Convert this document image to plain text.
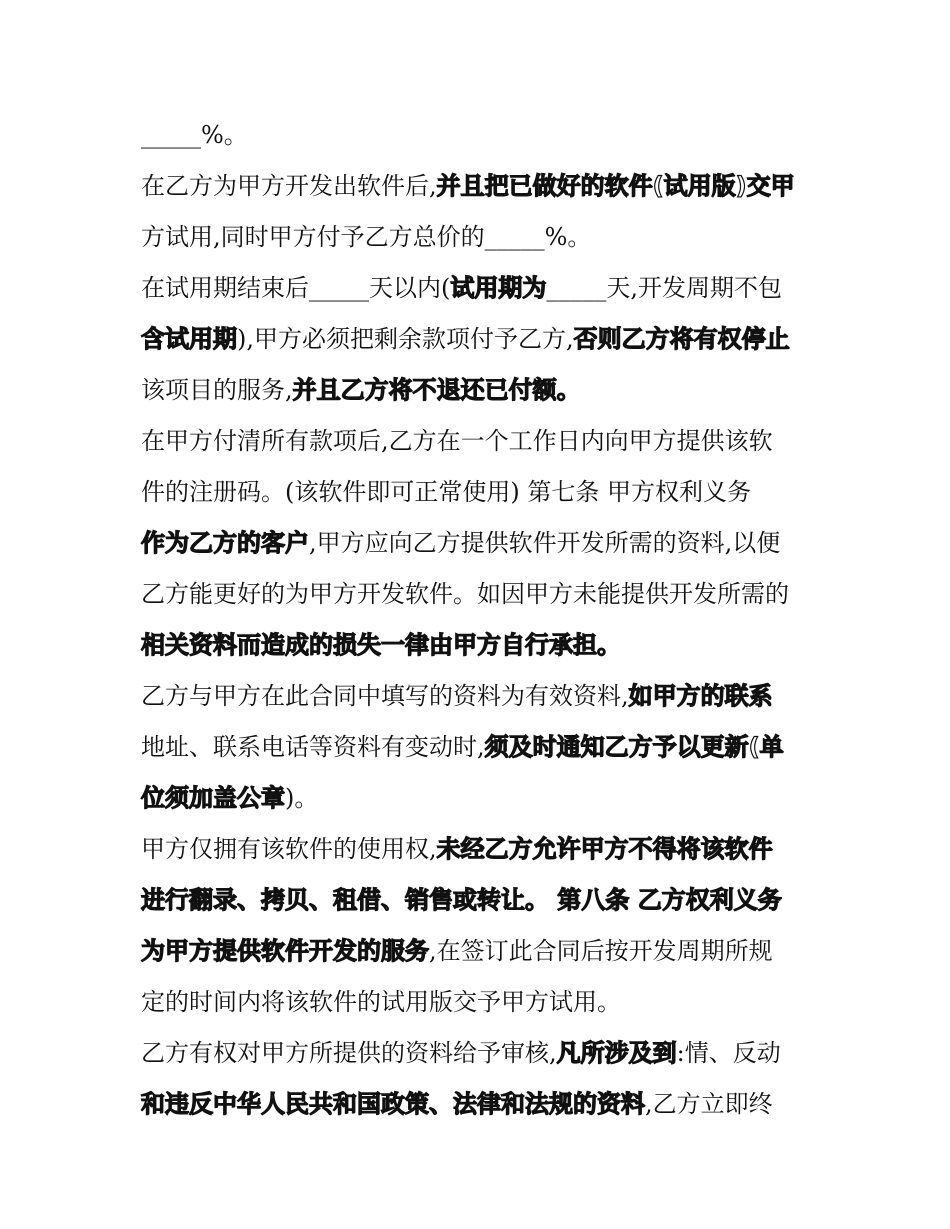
_____%。
在乙方为甲方开发出软件后,并且把已做好的软件(试用版)交甲
方试用,同时甲方付予乙方总价的_____%。
在试用期结束后_____天以内(试用期为_____天,开发周期不包
含试用期),甲方必须把剩余款项付予乙方,否则乙方将有权停止
该项目的服务,并且乙方将不退还已付额。
在甲方付清所有款项后,乙方在一个工作日内向甲方提供该软
件的注册码。(该软件即可正常使用) 第七条 甲方权利义务
作为乙方的客户,甲方应向乙方提供软件开发所需的资料,以便
乙方能更好的为甲方开发软件。如因甲方未能提供开发所需的
相关资料而造成的损失一律由甲方自行承担。
乙方与甲方在此合同中填写的资料为有效资料,如甲方的联系
地址、联系电话等资料有变动时,须及时通知乙方予以更新(单
位须加盖公章)。
甲方仅拥有该软件的使用权,未经乙方允许甲方不得将该软件
进行翻录、拷贝、租借、销售或转让。 第八条 乙方权利义务
为甲方提供软件开发的服务,在签订此合同后按开发周期所规
定的时间内将该软件的试用版交予甲方试用。
乙方有权对甲方所提供的资料给予审核,凡所涉及到:情、反动
和违反中华人民共和国政策、法律和法规的资料,乙方立即终
